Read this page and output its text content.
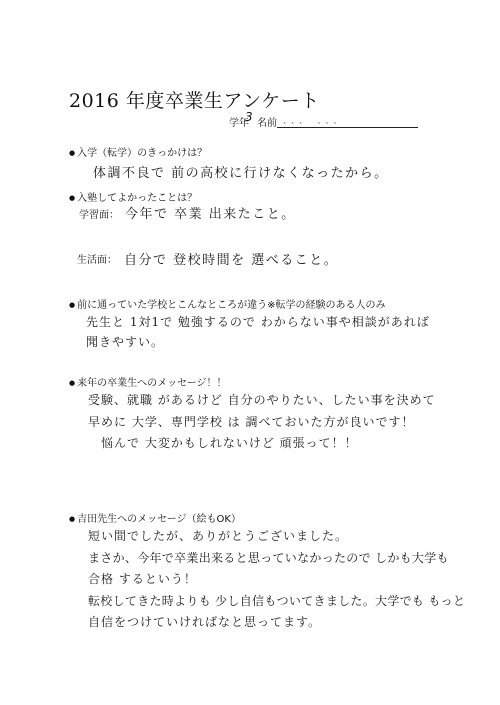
2016 年度卒業生アンケート
学年
3 名前 、、、 、、、
● 入学（転学）のきっかけは？
体調不良で 前の高校に行けなくなったから。
● 入塾してよかったことは？
学習面： 今年で 卒業 出来たこと。
生活面： 自分で 登校時間を 選べること。
● 前に通っていた学校とこんなところが違う※転学の経験のある人のみ
先生と 1対1で 勉強するので わからない事や相談があれば
聞きやすい。
● 来年の卒業生へのメッセージ！！
受験、就職 があるけど 自分のやりたい、したい事を決めて
早めに 大学、専門学校 は 調べておいた方が良いです！
悩んで 大変かもしれないけど 頑張って！！
● 吉田先生へのメッセージ（絵もOK）
短い間でしたが、ありがとうございました。
まさか、今年で卒業出来ると思っていなかったので しかも大学も
合格 するという！
転校してきた時よりも 少し自信もついてきました。大学でも もっと
自信をつけていければなと思ってます。
